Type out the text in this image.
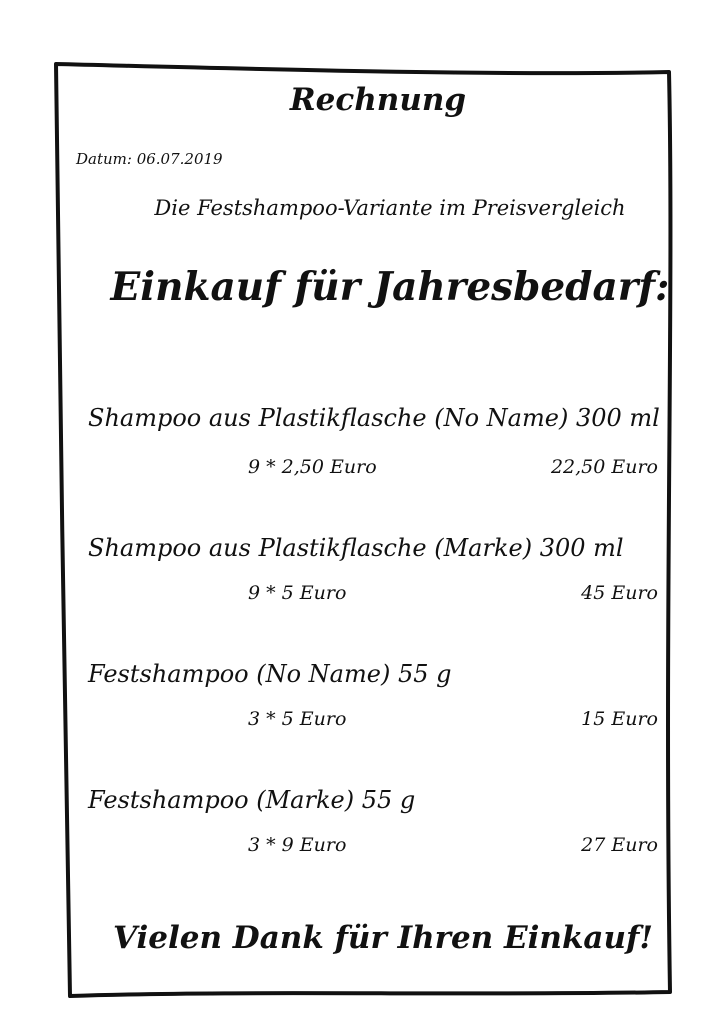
Rechnung
Datum: 06.07.2019
Die Festshampoo-Variante im Preisvergleich
Einkauf für Jahresbedarf:
Shampoo aus Plastikflasche (No Name) 300 ml
9 * 2,50 Euro	22,50 Euro
Shampoo aus Plastikflasche (Marke) 300 ml
9 * 5 Euro	45 Euro
Festshampoo (No Name) 55 g
3 * 5 Euro	15 Euro
Festshampoo (Marke) 55 g
3 * 9 Euro	27 Euro
Vielen Dank für Ihren Einkauf!
